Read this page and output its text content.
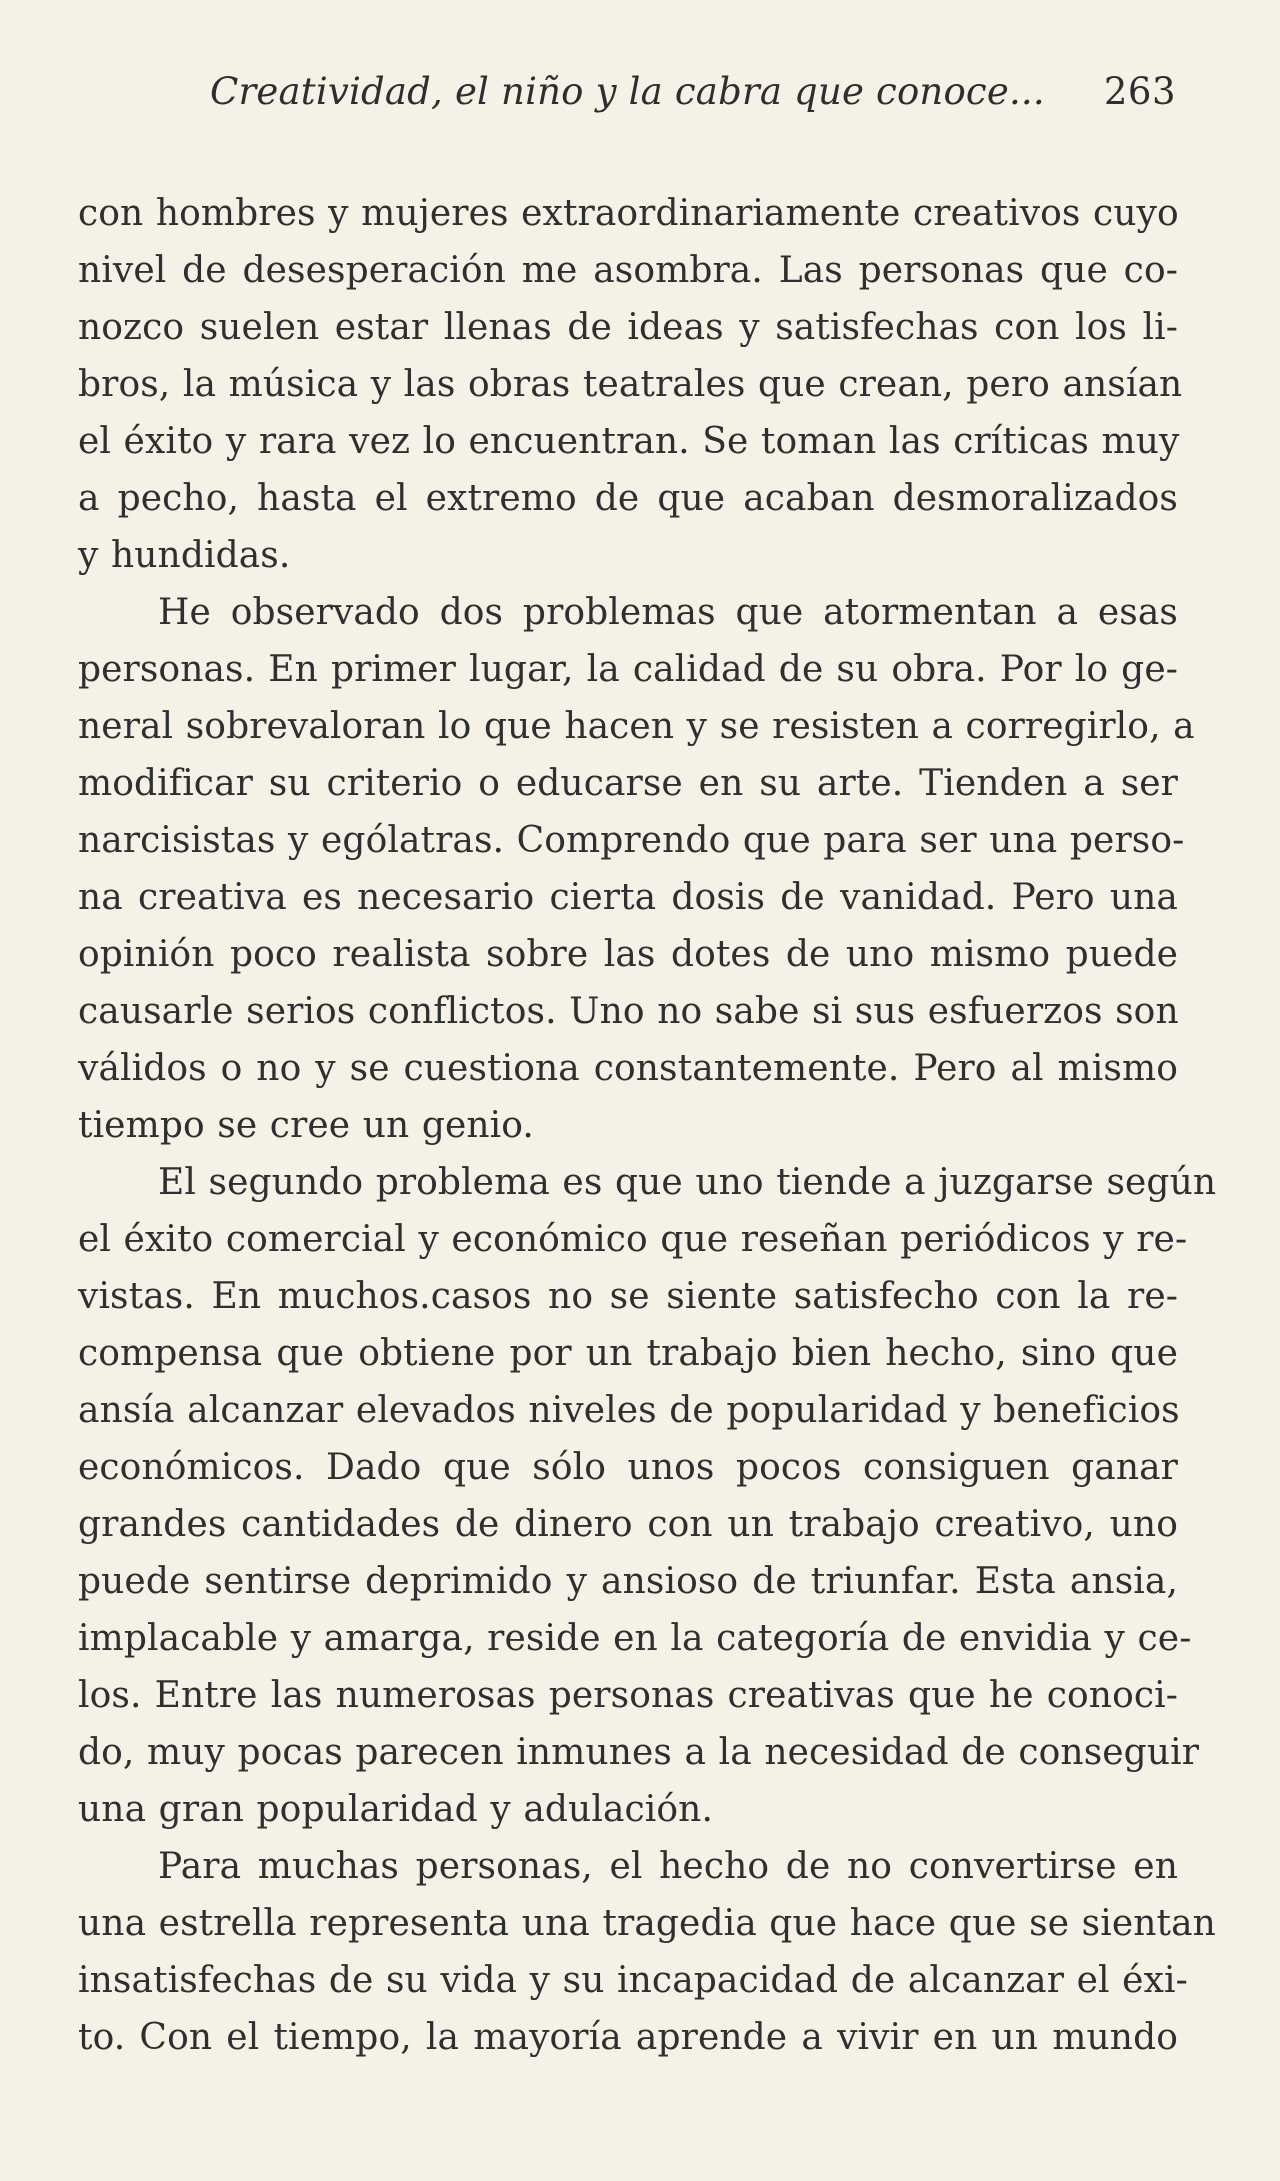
Creatividad, el niño y la cabra que conoce... 263
con hombres y mujeres extraordinariamente creativos cuyo
nivel de desesperación me asombra. Las personas que co-
nozco suelen estar llenas de ideas y satisfechas con los li-
bros, la música y las obras teatrales que crean, pero ansían
el éxito y rara vez lo encuentran. Se toman las críticas muy
a pecho, hasta el extremo de que acaban desmoralizados
y hundidas.
He observado dos problemas que atormentan a esas
personas. En primer lugar, la calidad de su obra. Por lo ge-
neral sobrevaloran lo que hacen y se resisten a corregirlo, a
modificar su criterio o educarse en su arte. Tienden a ser
narcisistas y ególatras. Comprendo que para ser una perso-
na creativa es necesario cierta dosis de vanidad. Pero una
opinión poco realista sobre las dotes de uno mismo puede
causarle serios conflictos. Uno no sabe si sus esfuerzos son
válidos o no y se cuestiona constantemente. Pero al mismo
tiempo se cree un genio.
El segundo problema es que uno tiende a juzgarse según
el éxito comercial y económico que reseñan periódicos y re-
vistas. En muchos.casos no se siente satisfecho con la re-
compensa que obtiene por un trabajo bien hecho, sino que
ansía alcanzar elevados niveles de popularidad y beneficios
económicos. Dado que sólo unos pocos consiguen ganar
grandes cantidades de dinero con un trabajo creativo, uno
puede sentirse deprimido y ansioso de triunfar. Esta ansia,
implacable y amarga, reside en la categoría de envidia y ce-
los. Entre las numerosas personas creativas que he conoci-
do, muy pocas parecen inmunes a la necesidad de conseguir
una gran popularidad y adulación.
Para muchas personas, el hecho de no convertirse en
una estrella representa una tragedia que hace que se sientan
insatisfechas de su vida y su incapacidad de alcanzar el éxi-
to. Con el tiempo, la mayoría aprende a vivir en un mundo
